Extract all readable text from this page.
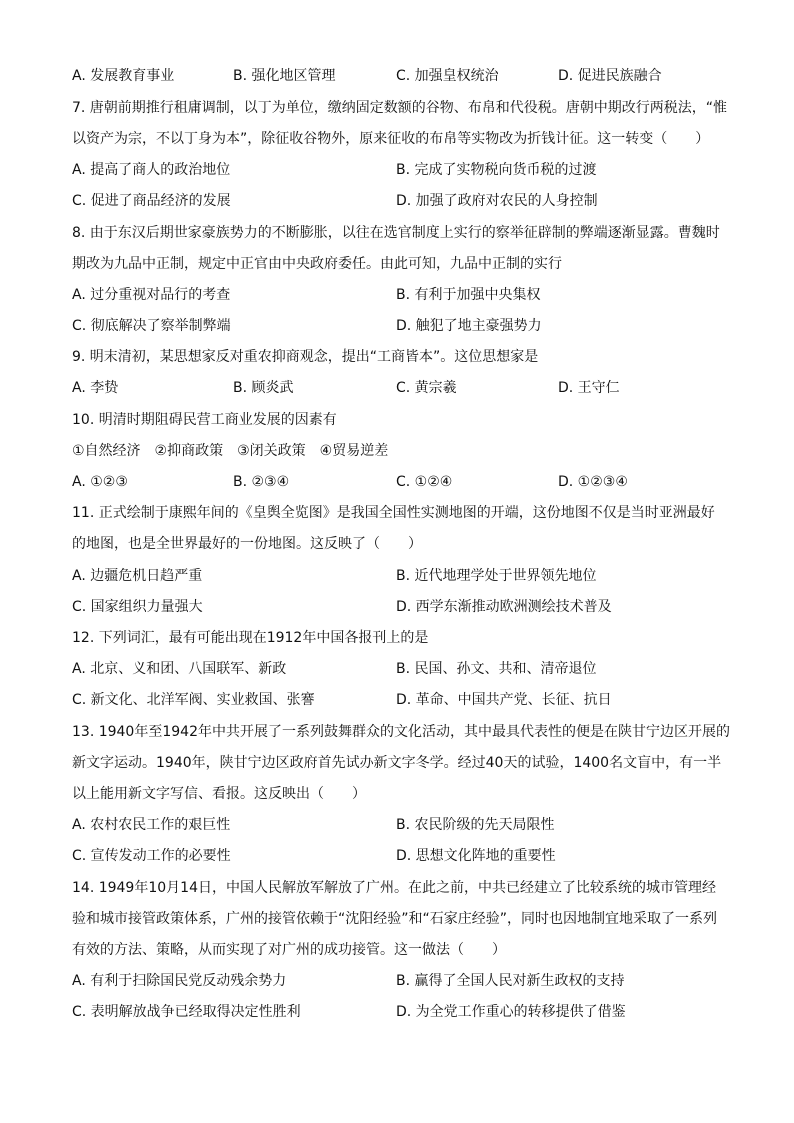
A. 发展教育事业	B. 强化地区管理	C. 加强皇权统治	D. 促进民族融合
7. 唐朝前期推行租庸调制，以丁为单位，缴纳固定数额的谷物、布帛和代役税。唐朝中期改行两税法，“惟
以资产为宗，不以丁身为本”，除征收谷物外，原来征收的布帛等实物改为折钱计征。这一转变（　　）
A. 提高了商人的政治地位	B. 完成了实物税向货币税的过渡
C. 促进了商品经济的发展	D. 加强了政府对农民的人身控制
8. 由于东汉后期世家豪族势力的不断膨胀，以往在选官制度上实行的察举征辟制的弊端逐渐显露。曹魏时
期改为九品中正制，规定中正官由中央政府委任。由此可知，九品中正制的实行
A. 过分重视对品行的考查	B. 有利于加强中央集权
C. 彻底解决了察举制弊端	D. 触犯了地主豪强势力
9. 明末清初，某思想家反对重农抑商观念，提出“工商皆本”。这位思想家是
A. 李贽	B. 顾炎武	C. 黄宗羲	D. 王守仁
10. 明清时期阻碍民营工商业发展的因素有
①自然经济　②抑商政策　③闭关政策　④贸易逆差
A. ①②③	B. ②③④	C. ①②④	D. ①②③④
11. 正式绘制于康熙年间的《皇舆全览图》是我国全国性实测地图的开端，这份地图不仅是当时亚洲最好
的地图，也是全世界最好的一份地图。这反映了（　　）
A. 边疆危机日趋严重	B. 近代地理学处于世界领先地位
C. 国家组织力量强大	D. 西学东渐推动欧洲测绘技术普及
12. 下列词汇，最有可能出现在1912年中国各报刊上的是
A. 北京、义和团、八国联军、新政	B. 民国、孙文、共和、清帝退位
C. 新文化、北洋军阀、实业救国、张謇	D. 革命、中国共产党、长征、抗日
13. 1940年至1942年中共开展了一系列鼓舞群众的文化活动，其中最具代表性的便是在陕甘宁边区开展的
新文字运动。1940年，陕甘宁边区政府首先试办新文字冬学。经过40天的试验，1400名文盲中，有一半
以上能用新文字写信、看报。这反映出（　　）
A. 农村农民工作的艰巨性	B. 农民阶级的先天局限性
C. 宣传发动工作的必要性	D. 思想文化阵地的重要性
14. 1949年10月14日，中国人民解放军解放了广州。在此之前，中共已经建立了比较系统的城市管理经
验和城市接管政策体系，广州的接管依赖于“沈阳经验”和“石家庄经验”，同时也因地制宜地采取了一系列
有效的方法、策略，从而实现了对广州的成功接管。这一做法（　　）
A. 有利于扫除国民党反动残余势力	B. 赢得了全国人民对新生政权的支持
C. 表明解放战争已经取得决定性胜利	D. 为全党工作重心的转移提供了借鉴
